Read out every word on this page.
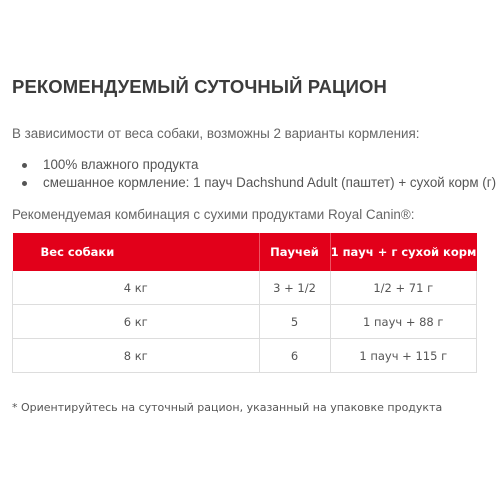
РЕКОМЕНДУЕМЫЙ СУТОЧНЫЙ РАЦИОН
В зависимости от веса собаки, возможны 2 варианты кормления:
100% влажного продукта
смешанное кормление: 1 пауч Dachshund Adult (паштет) + сухой корм (г)
Рекомендуемая комбинация с сухими продуктами Royal Canin®:
Вес собаки	Паучей	1 пауч + г сухой корм
4 кг	3 + 1/2	1/2 + 71 г
6 кг	5	1 пауч + 88 г
8 кг	6	1 пауч + 115 г
* Ориентируйтесь на суточный рацион, указанный на упаковке продукта
